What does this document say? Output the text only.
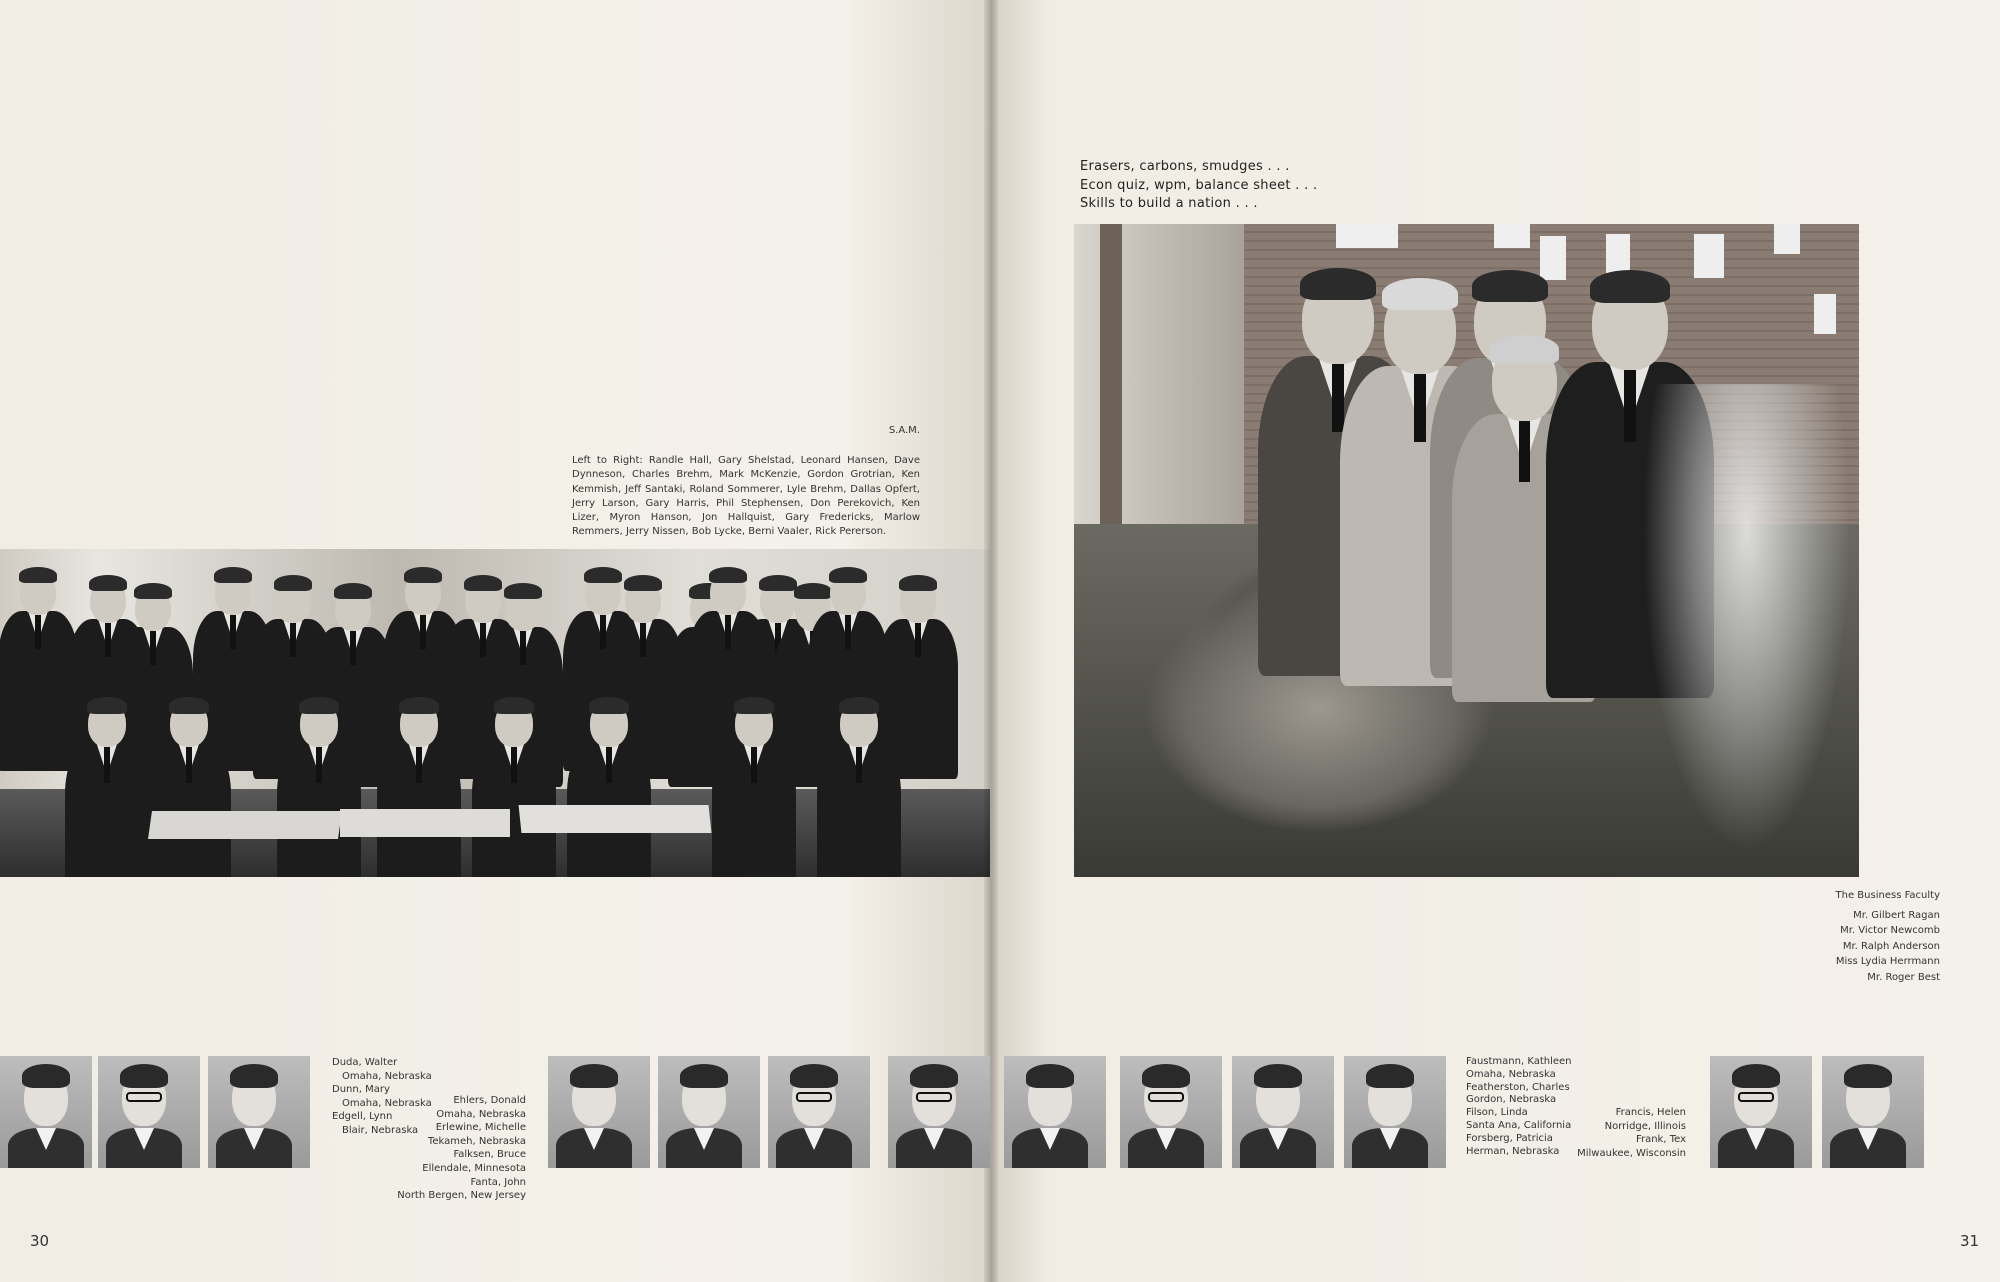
S.A.M.

Left to Right: Randle Hall, Gary Shelstad, Leonard Hansen, Dave Dynneson, Charles Brehm, Mark McKenzie, Gordon Grotrian, Ken Kemmish, Jeff Santaki, Roland Sommerer, Lyle Brehm, Dallas Opfert, Jerry Larson, Gary Harris, Phil Stephensen, Don Perekovich, Ken Lizer, Myron Hanson, Jon Hallquist, Gary Fredericks, Marlow Remmers, Jerry Nissen, Bob Lycke, Berni Vaaler, Rick Pererson.

Duda, Walter

Omaha, Nebraska

Dunn, Mary

Omaha, Nebraska

Edgell, Lynn

Blair, Nebraska

Ehlers, Donald

Omaha, Nebraska

Erlewine, Michelle

Tekameh, Nebraska

Falksen, Bruce

Ellendale, Minnesota

Fanta, John

North Bergen, New Jersey

30

Erasers, carbons, smudges . . .

Econ quiz, wpm, balance sheet . . .

Skills to build a nation . . .

The Business Faculty

Mr. Gilbert Ragan

Mr. Victor Newcomb

Mr. Ralph Anderson

Miss Lydia Herrmann

Mr. Roger Best

Faustmann, Kathleen

Omaha, Nebraska

Featherston, Charles

Gordon, Nebraska

Filson, Linda

Santa Ana, California

Forsberg, Patricia

Herman, Nebraska

Francis, Helen

Norridge, Illinois

Frank, Tex

Milwaukee, Wisconsin

31
